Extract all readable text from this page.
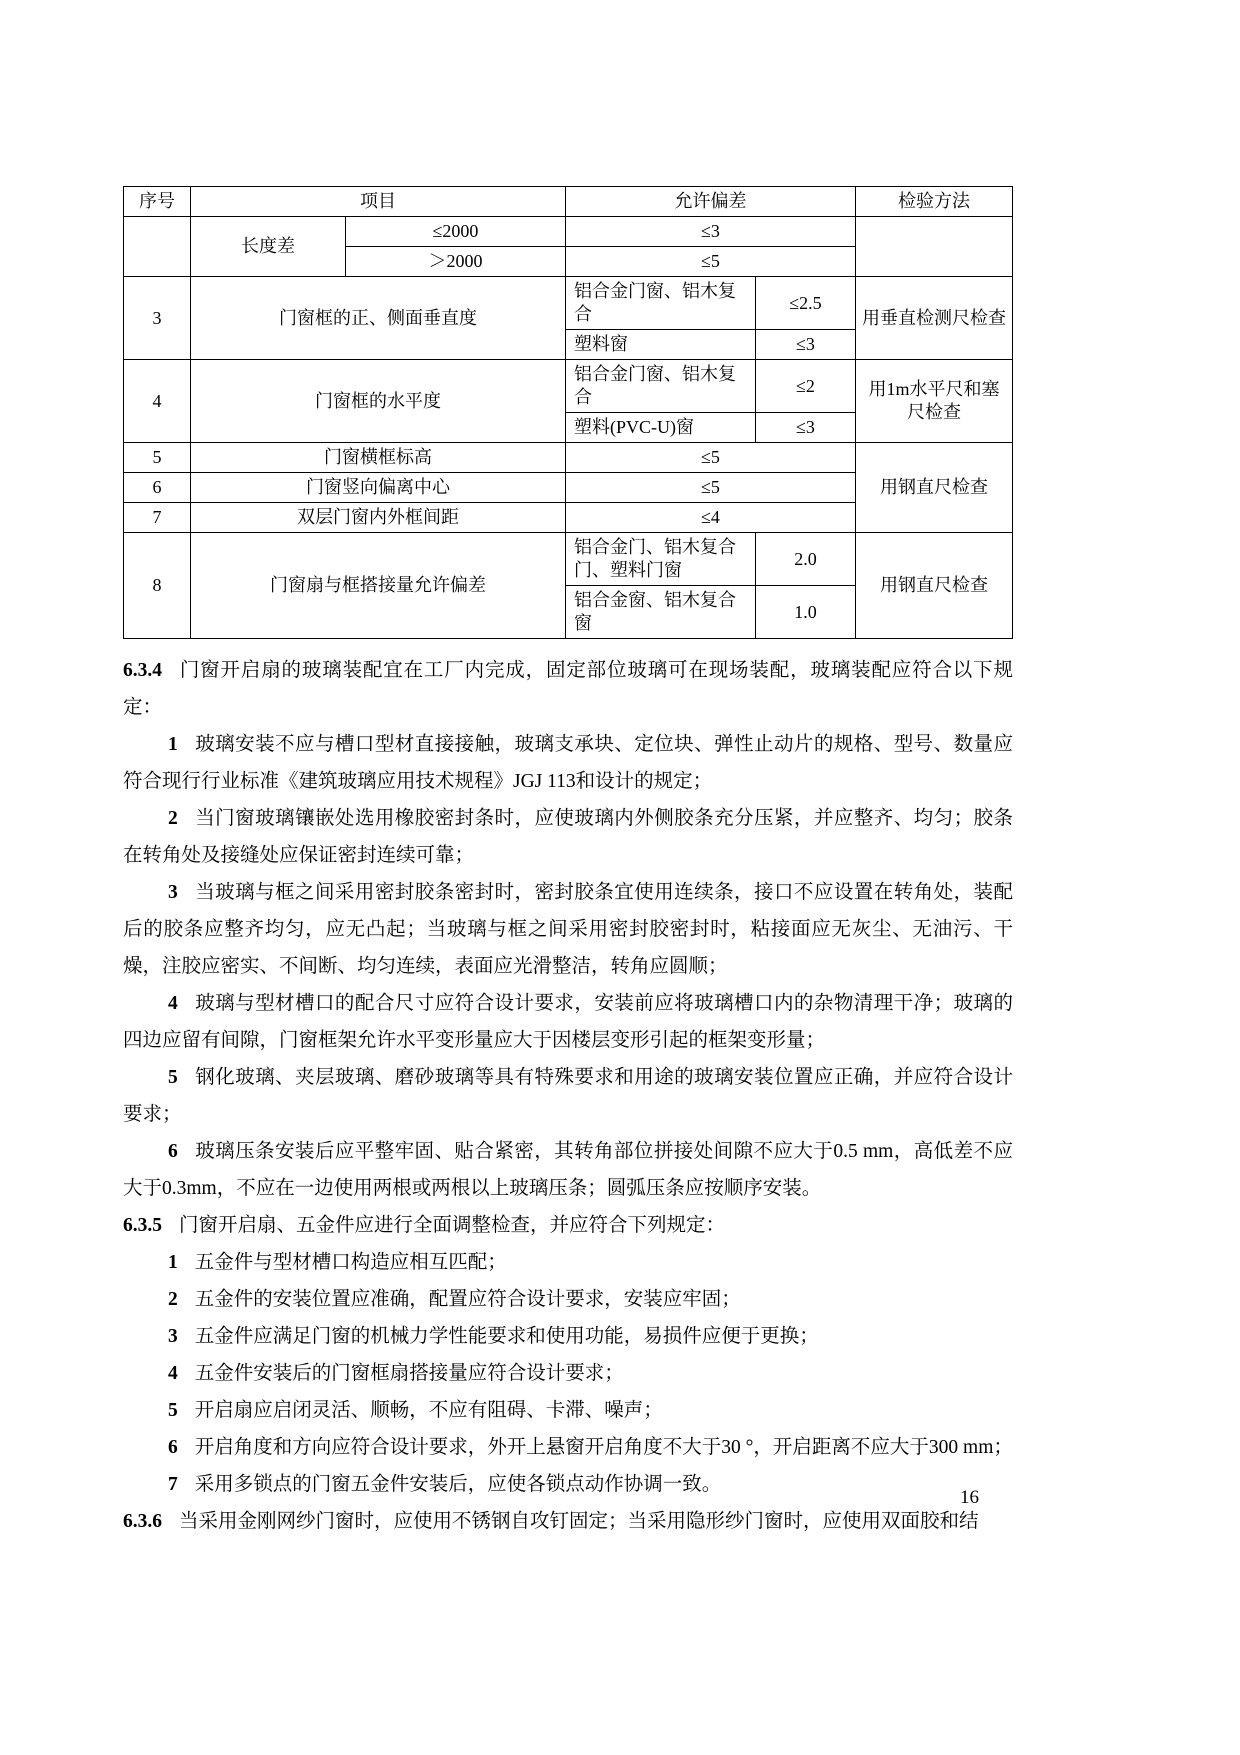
序号	项目		允许偏差		检验方法
	长度差	≤2000	≤3		
		＞2000	≤5		
3	门窗框的正、侧面垂直度		铝合金门窗、铝木复合	≤2.5	用垂直检测尺检查
			塑料窗	≤3	
4	门窗框的水平度		铝合金门窗、铝木复合	≤2	用1m水平尺和塞尺检查
			塑料(PVC-U)窗	≤3	
5	门窗横框标高		≤5		用钢直尺检查
6	门窗竖向偏离中心		≤5		
7	双层门窗内外框间距		≤4		
8	门窗扇与框搭接量允许偏差		铝合金门、铝木复合门、塑料门窗	2.0	用钢直尺检查
			铝合金窗、铝木复合窗	1.0	

6.3.4 门窗开启扇的玻璃装配宜在工厂内完成，固定部位玻璃可在现场装配，玻璃装配应符合以下规定：

1 玻璃安装不应与槽口型材直接接触，玻璃支承块、定位块、弹性止动片的规格、型号、数量应符合现行行业标准《建筑玻璃应用技术规程》JGJ 113和设计的规定；

2 当门窗玻璃镶嵌处选用橡胶密封条时，应使玻璃内外侧胶条充分压紧，并应整齐、均匀；胶条在转角处及接缝处应保证密封连续可靠；

3 当玻璃与框之间采用密封胶条密封时，密封胶条宜使用连续条，接口不应设置在转角处，装配后的胶条应整齐均匀，应无凸起；当玻璃与框之间采用密封胶密封时，粘接面应无灰尘、无油污、干燥，注胶应密实、不间断、均匀连续，表面应光滑整洁，转角应圆顺；

4 玻璃与型材槽口的配合尺寸应符合设计要求，安装前应将玻璃槽口内的杂物清理干净；玻璃的四边应留有间隙，门窗框架允许水平变形量应大于因楼层变形引起的框架变形量；

5 钢化玻璃、夹层玻璃、磨砂玻璃等具有特殊要求和用途的玻璃安装位置应正确，并应符合设计要求；

6 玻璃压条安装后应平整牢固、贴合紧密，其转角部位拼接处间隙不应大于0.5 mm，高低差不应大于0.3mm，不应在一边使用两根或两根以上玻璃压条；圆弧压条应按顺序安装。

6.3.5 门窗开启扇、五金件应进行全面调整检查，并应符合下列规定：

1 五金件与型材槽口构造应相互匹配；

2 五金件的安装位置应准确，配置应符合设计要求，安装应牢固；

3 五金件应满足门窗的机械力学性能要求和使用功能，易损件应便于更换；

4 五金件安装后的门窗框扇搭接量应符合设计要求；

5 开启扇应启闭灵活、顺畅，不应有阻碍、卡滞、噪声；

6 开启角度和方向应符合设计要求，外开上悬窗开启角度不大于30 °，开启距离不应大于300 mm；

7 采用多锁点的门窗五金件安装后，应使各锁点动作协调一致。

6.3.6 当采用金刚网纱门窗时，应使用不锈钢自攻钉固定；当采用隐形纱门窗时，应使用双面胶和结

16
